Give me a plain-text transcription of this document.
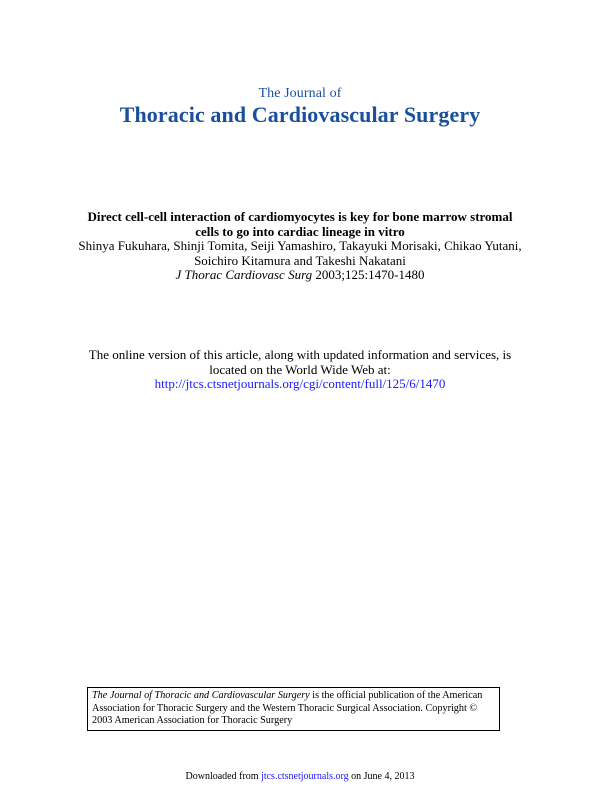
The Journal of
Thoracic and Cardiovascular Surgery
Direct cell-cell interaction of cardiomyocytes is key for bone marrow stromal
cells to go into cardiac lineage in vitro
Shinya Fukuhara, Shinji Tomita, Seiji Yamashiro, Takayuki Morisaki, Chikao Yutani,
Soichiro Kitamura and Takeshi Nakatani
J Thorac Cardiovasc Surg 2003;125:1470-1480
The online version of this article, along with updated information and services, is
located on the World Wide Web at:
http://jtcs.ctsnetjournals.org/cgi/content/full/125/6/1470
The Journal of Thoracic and Cardiovascular Surgery is the official publication of the American
Association for Thoracic Surgery and the Western Thoracic Surgical Association. Copyright ©
2003 American Association for Thoracic Surgery
Downloaded from jtcs.ctsnetjournals.org on June 4, 2013
